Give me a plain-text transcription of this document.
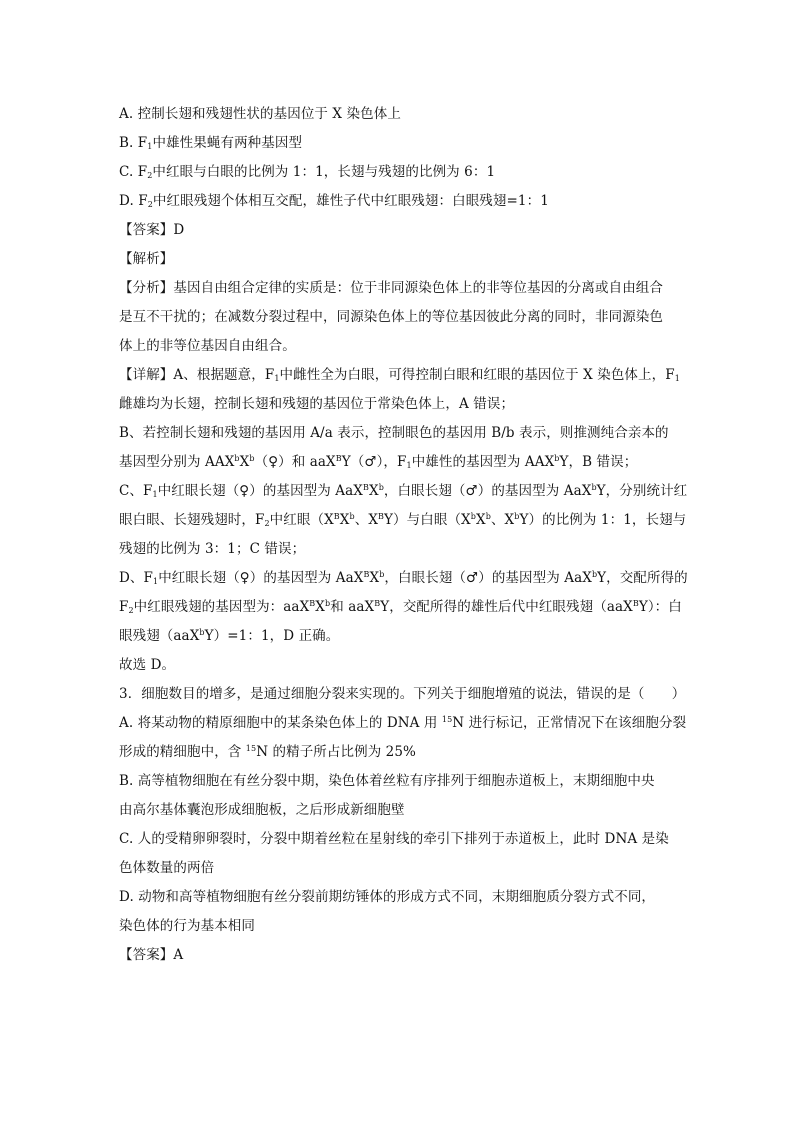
A. 控制长翅和残翅性状的基因位于 X 染色体上
B. $F_1$中雄性果蝇有两种基因型
C. $F_2$中红眼与白眼的比例为 1：1，长翅与残翅的比例为 6：1
D. $F_2$中红眼残翅个体相互交配，雄性子代中红眼残翅：白眼残翅=1：1
【答案】D
【解析】
【分析】基因自由组合定律的实质是：位于非同源染色体上的非等位基因的分离或自由组合
是互不干扰的；在减数分裂过程中，同源染色体上的等位基因彼此分离的同时，非同源染色
体上的非等位基因自由组合。
【详解】A、根据题意，$F_1$中雌性全为白眼，可得控制白眼和红眼的基因位于 X 染色体上，$F_1$
雌雄均为长翅，控制长翅和残翅的基因位于常染色体上，A 错误；
B、若控制长翅和残翅的基因用 A/a 表示，控制眼色的基因用 B/b 表示，则推测纯合亲本的
基因型分别为 $AAX^bX^b(♀)$和 aaX$^B$Y（♂），$F_1$中雄性的基因型为 AAX$^b$Y，B 错误；
C、$F_1$中红眼长翅（♀）的基因型为 $AaX^BX^b$，白眼长翅（♂）的基因型为 AaX$^b$Y，分别统计红
眼白眼、长翅残翅时，$F_2$中红眼（$X^BX^b$、$X^BY$）与白眼（$X^bX^b$、$X^bY$）的比例为 1：1，长翅与
残翅的比例为 3：1；C 错误；
D、$F_1$中红眼长翅（♀）的基因型为 $AaX^BX^b$，白眼长翅（♂）的基因型为 AaX$^b$Y，交配所得的
$F_2$中红眼残翅的基因型为：$aaX^BX^b$和 aaX$^B$Y，交配所得的雄性后代中红眼残翅（aaX$^B$Y）：白
眼残翅（aaX$^b$Y）=1：1，D 正确。
故选 D。
3．细胞数目的增多，是通过细胞分裂来实现的。下列关于细胞增殖的说法，错误的是（　　）
A. 将某动物的精原细胞中的某条染色体上的 DNA 用 $^{15}$N 进行标记，正常情况下在该细胞分裂
形成的精细胞中，含 $^{15}$N 的精子所占比例为 25%
B. 高等植物细胞在有丝分裂中期，染色体着丝粒有序排列于细胞赤道板上，末期细胞中央
由高尔基体囊泡形成细胞板，之后形成新细胞壁
C. 人的受精卵卵裂时，分裂中期着丝粒在星射线的牵引下排列于赤道板上，此时 DNA 是染
色体数量的两倍
D. 动物和高等植物细胞有丝分裂前期纺锤体的形成方式不同，末期细胞质分裂方式不同，
染色体的行为基本相同
【答案】A
